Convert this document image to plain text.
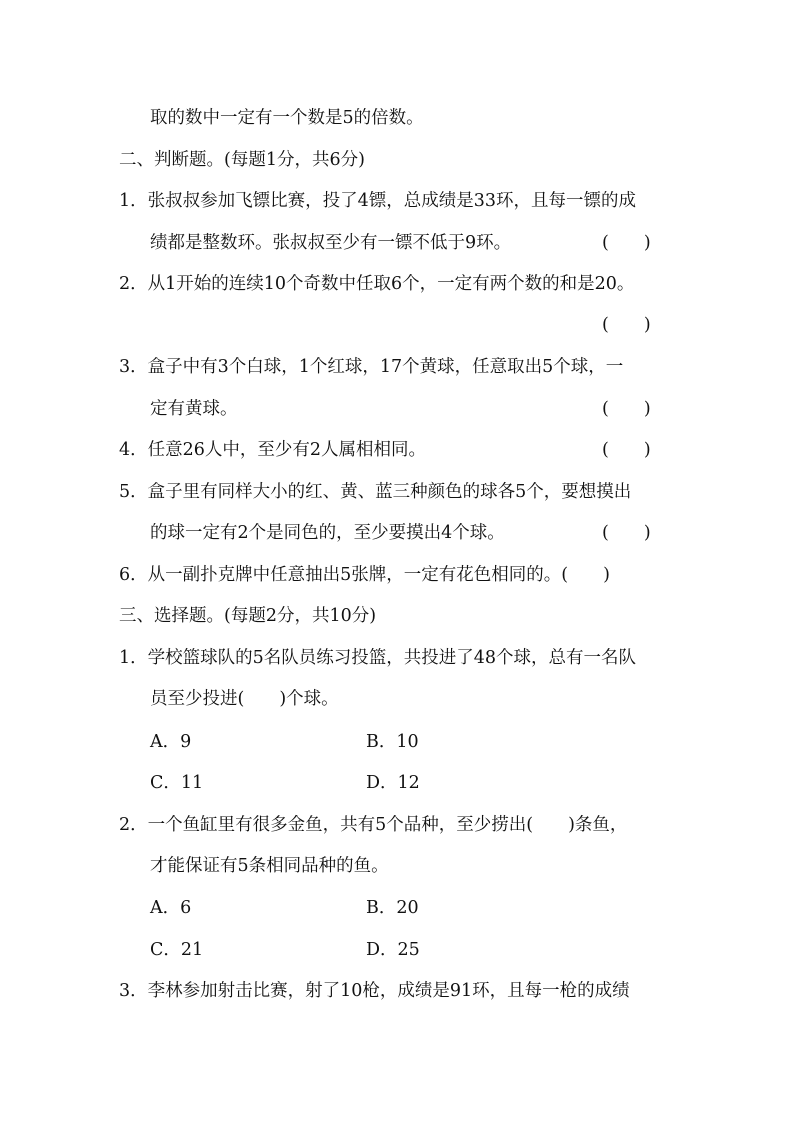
取的数中一定有一个数是5的倍数。
二、判断题。(每题1分，共6分)
1．张叔叔参加飞镖比赛，投了4镖，总成绩是33环，且每一镖的成
绩都是整数环。张叔叔至少有一镖不低于9环。	(　　)
2．从1开始的连续10个奇数中任取6个，一定有两个数的和是20。
(　　)
3．盒子中有3个白球，1个红球，17个黄球，任意取出5个球，一
定有黄球。	(　　)
4．任意26人中，至少有2人属相相同。	(　　)
5．盒子里有同样大小的红、黄、蓝三种颜色的球各5个，要想摸出
的球一定有2个是同色的，至少要摸出4个球。	(　　)
6．从一副扑克牌中任意抽出5张牌，一定有花色相同的。(　　)
三、选择题。(每题2分，共10分)
1．学校篮球队的5名队员练习投篮，共投进了48个球，总有一名队
员至少投进(　　)个球。
A．9	B．10
C．11	D．12
2．一个鱼缸里有很多金鱼，共有5个品种，至少捞出(　　)条鱼，
才能保证有5条相同品种的鱼。
A．6	B．20
C．21	D．25
3．李林参加射击比赛，射了10枪，成绩是91环，且每一枪的成绩
